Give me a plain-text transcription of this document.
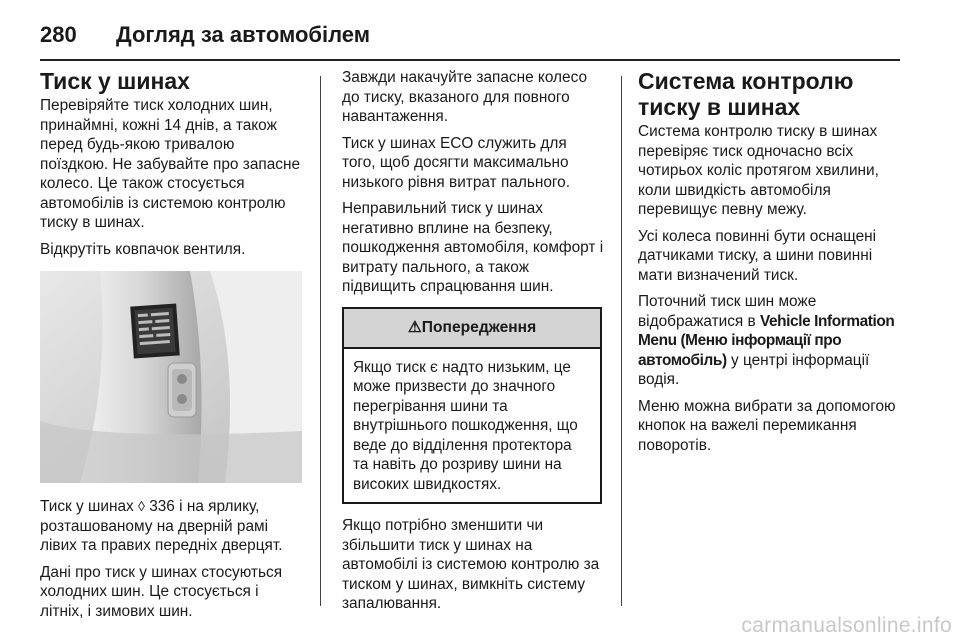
280 Догляд за автомобілем
Тиск у шинах

Перевіряйте тиск холодних шин, принаймні, кожні 14 днів, а також перед будь-якою тривалою поїздкою. Не забувайте про запасне колесо. Це також стосується автомобілів із системою контролю тиску в шинах.

Відкрутіть ковпачок вентиля.

Тиск у шинах ◊ 336 і на ярлику, розташованому на дверній рамі лівих та правих передніх дверцят.

Дані про тиск у шинах стосуються холодних шин. Це стосується і літніх, і зимових шин.

Завжди накачуйте запасне колесо до тиску, вказаного для повного навантаження.

Тиск у шинах ECO служить для того, щоб досягти максимально низького рівня витрат пального.

Неправильний тиск у шинах негативно вплине на безпеку, пошкодження автомобіля, комфорт і витрату пального, а також підвищить спрацювання шин.

⚠ Попередження
Якщо тиск є надто низьким, це може призвести до значного перегрівання шини та внутрішнього пошкодження, що веде до відділення протектора та навіть до розриву шини на високих швидкостях.

Якщо потрібно зменшити чи збільшити тиск у шинах на автомобілі із системою контролю за тиском у шинах, вимкніть систему запалювання.

Система контролю тиску в шинах

Система контролю тиску в шинах перевіряє тиск одночасно всіх чотирьох коліс протягом хвилини, коли швидкість автомобіля перевищує певну межу.

Усі колеса повинні бути оснащені датчиками тиску, а шини повинні мати визначений тиск.

Поточний тиск шин може відображатися в Vehicle Information Menu (Меню інформації про автомобіль) у центрі інформації водія.

Меню можна вибрати за допомогою кнопок на важелі перемикання поворотів.

carmanualsonline.info
